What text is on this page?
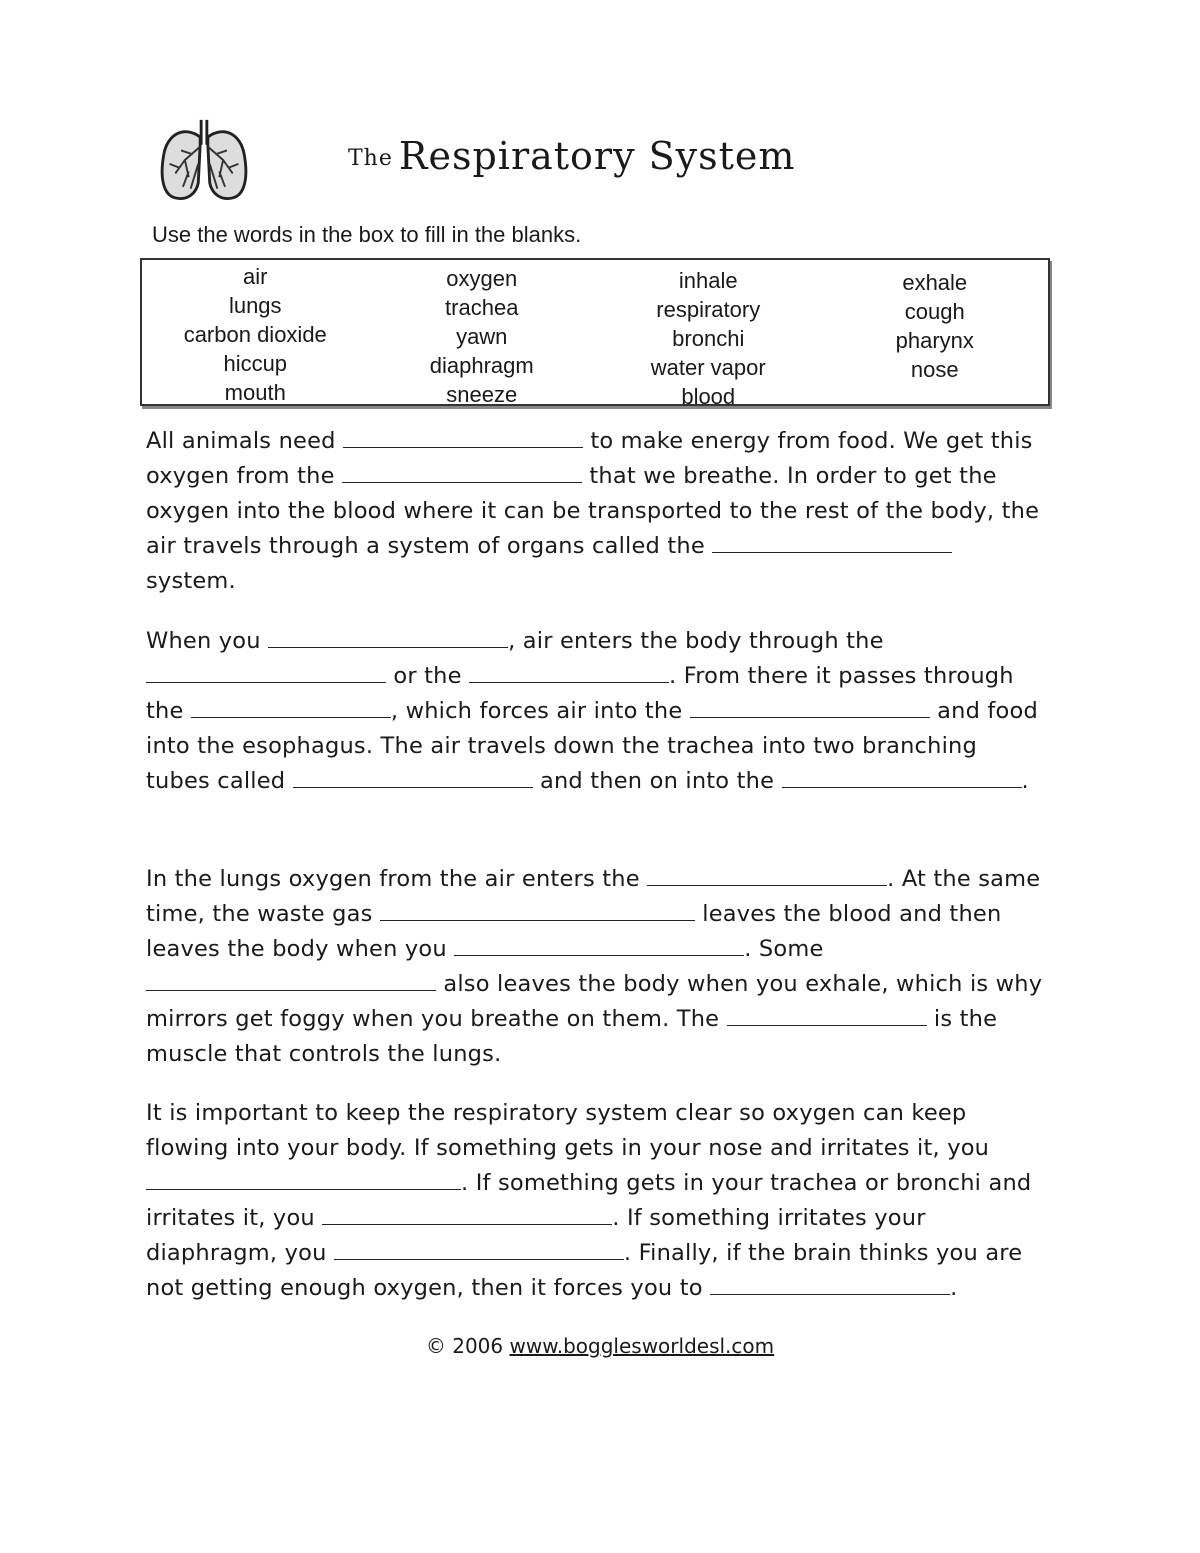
The Respiratory System
Use the words in the box to fill in the blanks.
air
lungs
carbon dioxide
hiccup
mouth
oxygen
trachea
yawn
diaphragm
sneeze
inhale
respiratory
bronchi
water vapor
blood
exhale
cough
pharynx
nose

All animals need	to make energy from food. We get this oxygen from the	that we breathe. In order to get the oxygen into the blood where it can be transported to the rest of the body, the air travels through a system of organs called the  system.

When you	, air enters the body through the  or the	. From there it passes through the	, which forces air into the	and food into the esophagus. The air travels down the trachea into two branching tubes called	and then on into the	.

In the lungs oxygen from the air enters the	. At the same time, the waste gas	leaves the blood and then leaves the body when you	. Some  also leaves the body when you exhale, which is why mirrors get foggy when you breathe on them. The	is the muscle that controls the lungs.

It is important to keep the respiratory system clear so oxygen can keep flowing into your body. If something gets in your nose and irritates it, you . If something gets in your trachea or bronchi and irritates it, you	. If something irritates your diaphragm, you	. Finally, if the brain thinks you are not getting enough oxygen, then it forces you to	.

© 2006 www.bogglesworldesl.com
